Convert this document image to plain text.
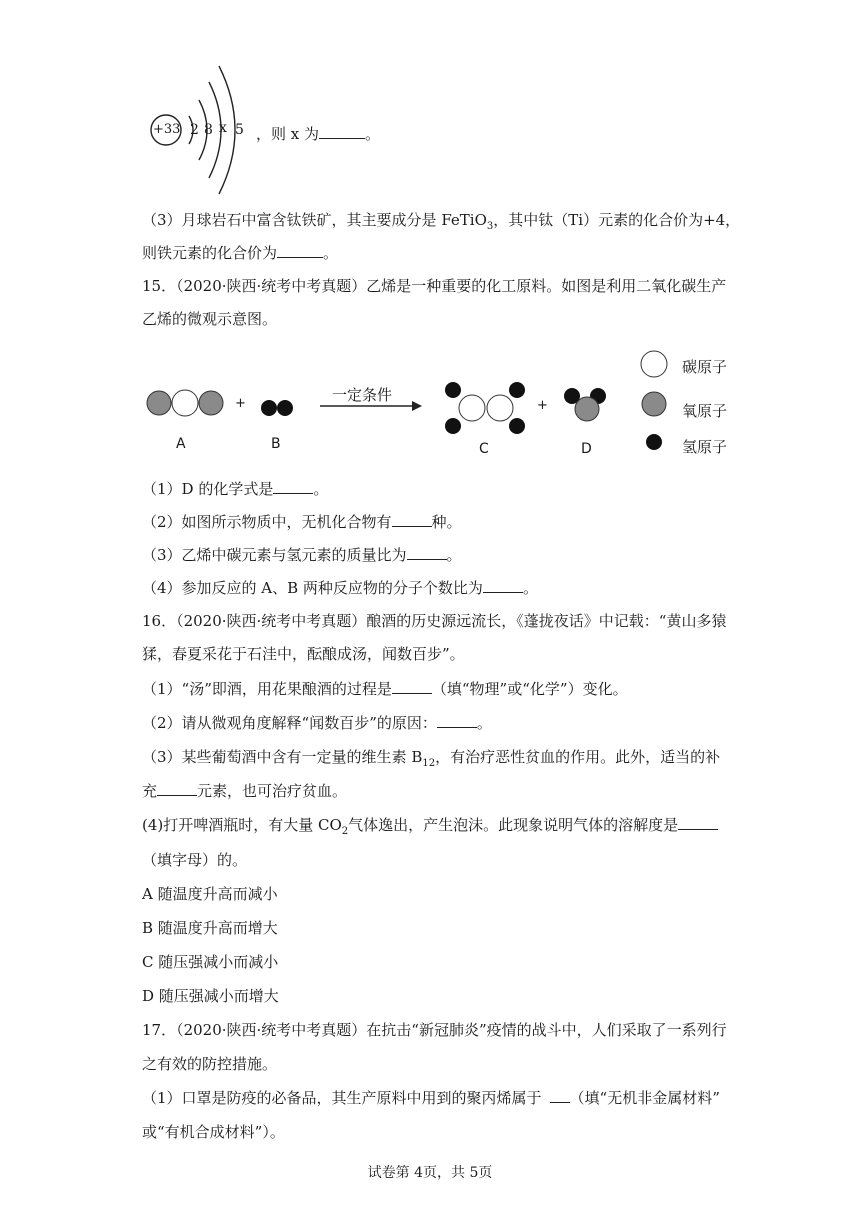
+33 2 8 x 5 ，则 x 为	。
（3）月球岩石中富含钛铁矿，其主要成分是 FeTiO$_3$，其中钛（Ti）元素的化合价为+4，
则铁元素的化合价为	。
15．（2020·陕西·统考中考真题）乙烯是一种重要的化工原料。如图是利用二氧化碳生产
乙烯的微观示意图。
+	+
一定条件
A	B	C	D
碳原子
氧原子
氢原子
（1）D 的化学式是	。
（2）如图所示物质中，无机化合物有	种。
（3）乙烯中碳元素与氢元素的质量比为	。
（4）参加反应的 A、B 两种反应物的分子个数比为	。
16．（2020·陕西·统考中考真题）酿酒的历史源远流长，《蓬拢夜话》中记载：“黄山多猿
猱，春夏采花于石洼中，酝酿成汤，闻数百步”。
（1）“汤”即酒，用花果酿酒的过程是	（填“物理”或“化学”）变化。
（2）请从微观角度解释“闻数百步”的原因：	。
（3）某些葡萄酒中含有一定量的维生素 $B_{12}$，有治疗恶性贫血的作用。此外，适当的补
充	元素，也可治疗贫血。
(4)打开啤酒瓶时，有大量 $CO_2$气体逸出，产生泡沫。此现象说明气体的溶解度是
（填字母）的。
A 随温度升高而减小
B 随温度升高而增大
C 随压强减小而减小
D 随压强减小而增大
17．（2020·陕西·统考中考真题）在抗击“新冠肺炎”疫情的战斗中，人们采取了一系列行
之有效的防控措施。
（1）口罩是防疫的必备品，其生产原料中用到的聚丙烯属于 （填“无机非金属材料”
或“有机合成材料”）。
试卷第 4页，共 5页
